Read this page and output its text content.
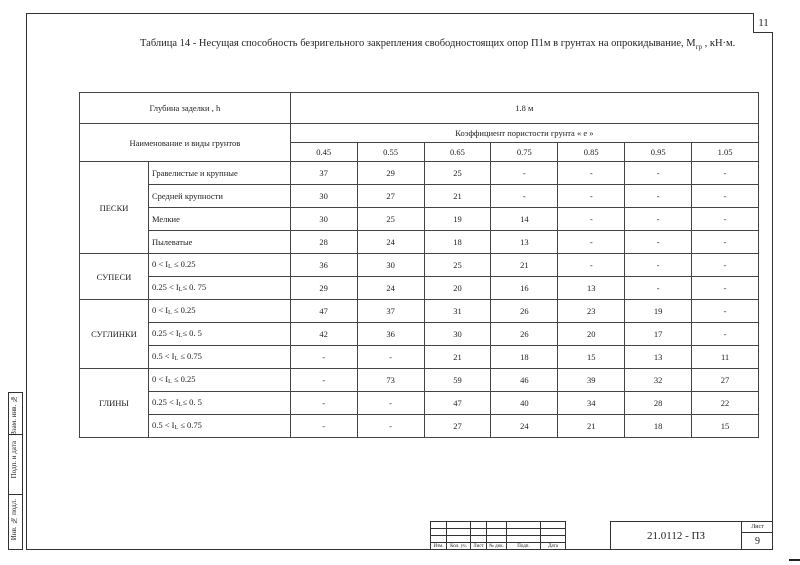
11
Таблица 14 - Несущая способность безригельного закрепления свободностоящих опор П1м в грунтах на опрокидывание, $М_{гр}$ , кН·м.
Глубина заделки , h		1.8 м						
Наименование и виды грунтов		Коэффициент пористости грунта « е »						
		0.45	0.55	0.65	0.75	0.85	0.95	1.05
ПЕСКИ	Гравелистые и крупные	37	29	25	-	-	-	-
	Средней крупности	30	27	21	-	-	-	-
	Мелкие	30	25	19	14	-	-	-
	Пылеватые	28	24	18	13	-	-	-
СУПЕСИ	0 < IL ≤ 0.25	36	30	25	21	-	-	-
	0.25 < IL≤ 0. 75	29	24	20	16	13	-	-
СУГЛИНКИ	0 < IL ≤ 0.25	47	37	31	26	23	19	-
	0.25 < IL≤ 0. 5	42	36	30	26	20	17	-
	0.5 < IL ≤ 0.75	-	-	21	18	15	13	11
ГЛИНЫ	0 < IL ≤ 0.25	-	73	59	46	39	32	27
	0.25 < IL≤ 0. 5	-	-	47	40	34	28	22
	0.5 < IL ≤ 0.75	-	-	27	24	21	18	15
Взам. инв. №
Подп. и дата
Инв. № подл.

Изм.	Кол. уч.	Лист	№ док.	Подп.	Дата
21.0112 - ПЗ
Лист
9
